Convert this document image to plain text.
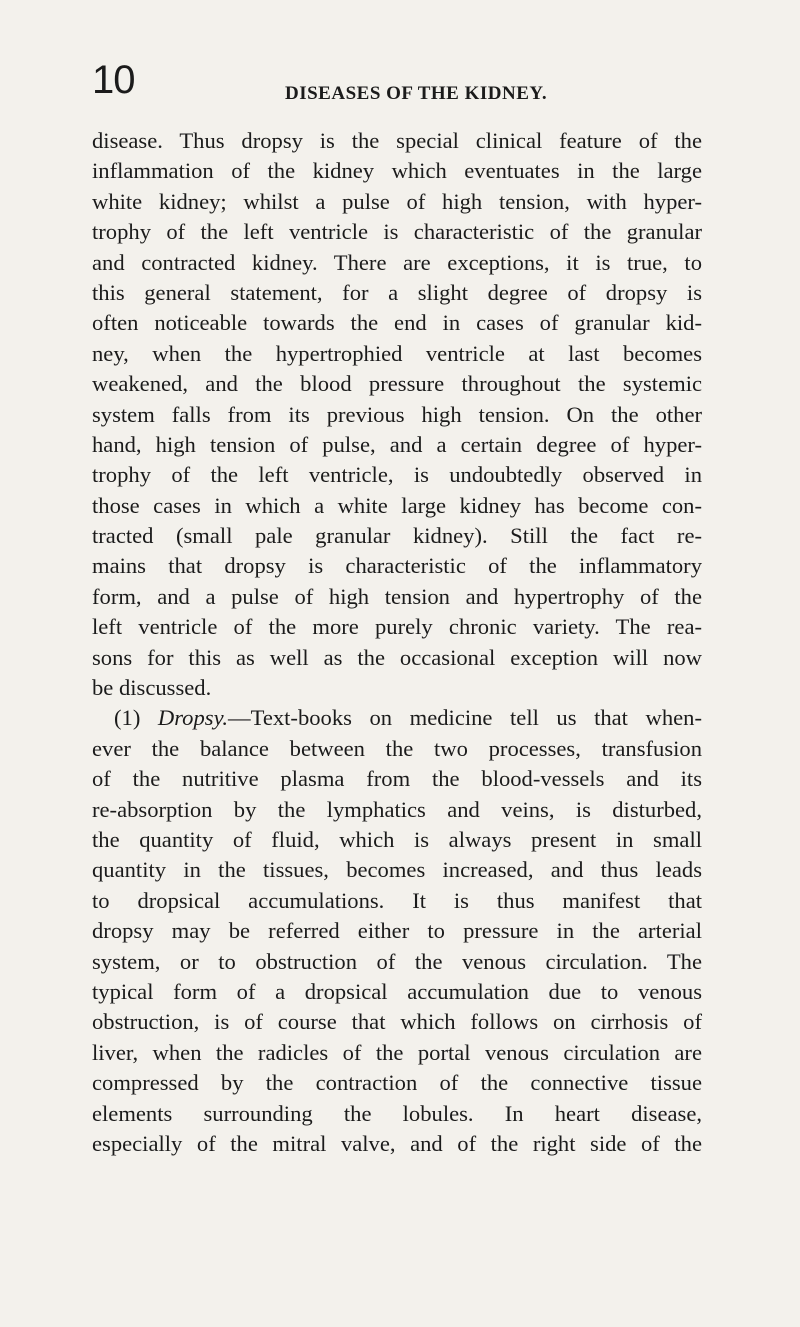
10	DISEASES OF THE KIDNEY.
disease. Thus dropsy is the special clinical feature of the
inflammation of the kidney which eventuates in the large
white kidney; whilst a pulse of high tension, with hyper-
trophy of the left ventricle is characteristic of the granular
and contracted kidney. There are exceptions, it is true, to
this general statement, for a slight degree of dropsy is
often noticeable towards the end in cases of granular kid-
ney, when the hypertrophied ventricle at last becomes
weakened, and the blood pressure throughout the systemic
system falls from its previous high tension. On the other
hand, high tension of pulse, and a certain degree of hyper-
trophy of the left ventricle, is undoubtedly observed in
those cases in which a white large kidney has become con-
tracted (small pale granular kidney). Still the fact re-
mains that dropsy is characteristic of the inflammatory
form, and a pulse of high tension and hypertrophy of the
left ventricle of the more purely chronic variety. The rea-
sons for this as well as the occasional exception will now
be discussed.
(1) Dropsy.—Text-books on medicine tell us that when-
ever the balance between the two processes, transfusion
of the nutritive plasma from the blood-vessels and its
re-absorption by the lymphatics and veins, is disturbed,
the quantity of fluid, which is always present in small
quantity in the tissues, becomes increased, and thus leads
to dropsical accumulations. It is thus manifest that
dropsy may be referred either to pressure in the arterial
system, or to obstruction of the venous circulation. The
typical form of a dropsical accumulation due to venous
obstruction, is of course that which follows on cirrhosis of
liver, when the radicles of the portal venous circulation are
compressed by the contraction of the connective tissue
elements surrounding the lobules. In heart disease,
especially of the mitral valve, and of the right side of the
